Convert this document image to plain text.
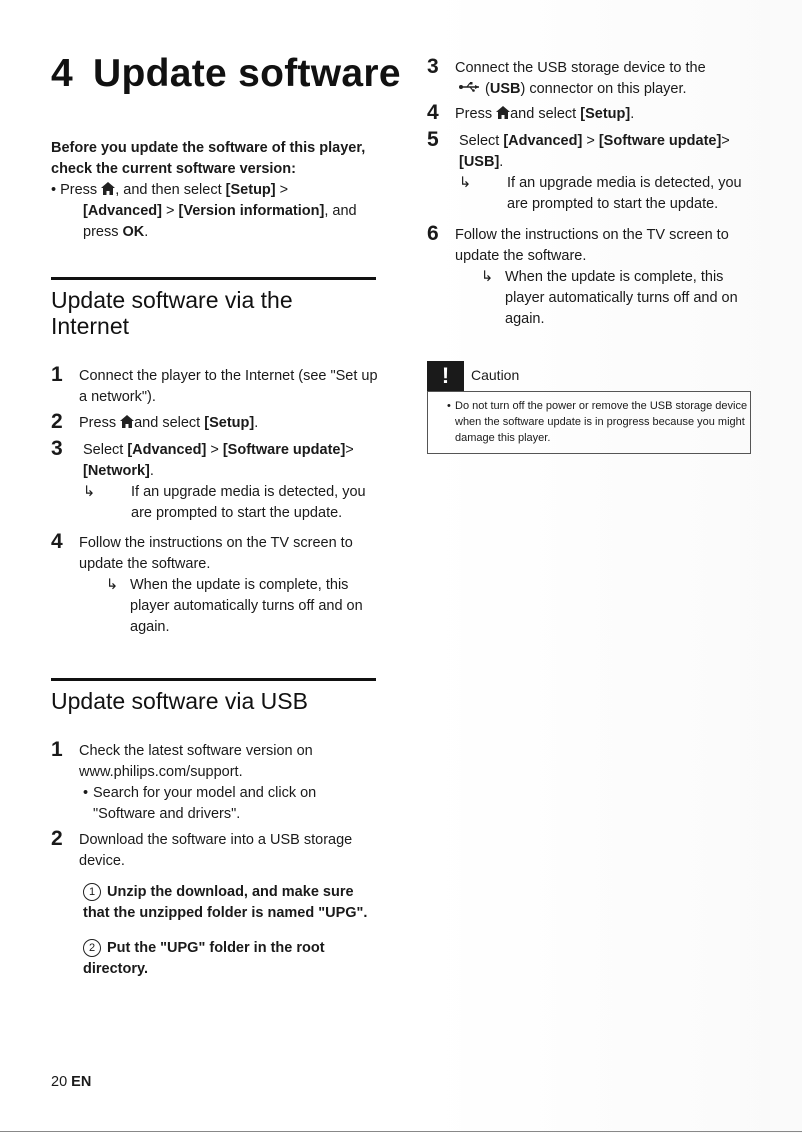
4 Update software
Before you update the software of this player, check the current software version:
• Press , and then select [Setup] >
[Advanced] > [Version information], and press OK.
Update software via the Internet
1 Connect the player to the Internet (see "Set up a network").
2 Press and select [Setup].
3 Select [Advanced] > [Software update]>
[Network].
↳	If an upgrade media is detected, you are prompted to start the update.
4 Follow the instructions on the TV screen to update the software.
↳ When the update is complete, this player automatically turns off and on again.
Update software via USB
1 Check the latest software version on www.philips.com/support.
• Search for your model and click on "Software and drivers".
2 Download the software into a USB storage device.
1 Unzip the download, and make sure that the unzipped folder is named "UPG".
2 Put the "UPG" folder in the root directory.
3 Connect the USB storage device to the
(USB) connector on this player.
4 Press and select [Setup].
5 Select [Advanced] > [Software update]>
[USB].
↳	If an upgrade media is detected, you are prompted to start the update.
6 Follow the instructions on the TV screen to update the software.
↳ When the update is complete, this player automatically turns off and on again.
!	Caution
• Do not turn off the power or remove the USB storage device when the software update is in progress because you might damage this player.
20 EN
